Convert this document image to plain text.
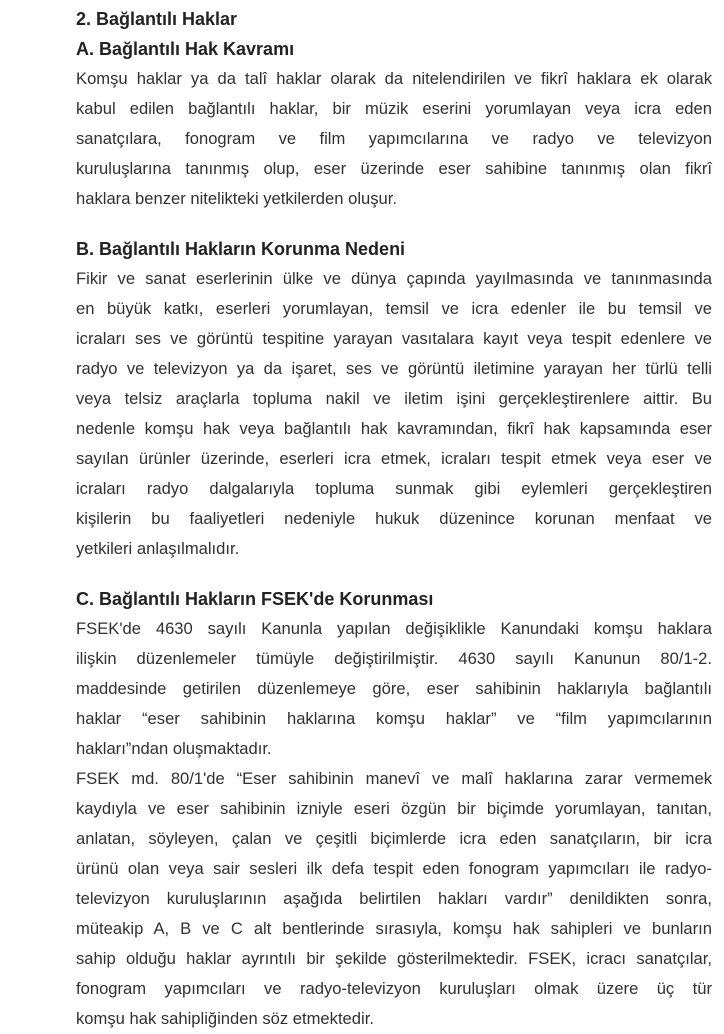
2. Bağlantılı Haklar
A. Bağlantılı Hak Kavramı
Komşu haklar ya da talî haklar olarak da nitelendirilen ve fikrî haklara ek olarak
kabul edilen bağlantılı haklar, bir müzik eserini yorumlayan veya icra eden
sanatçılara, fonogram ve film yapımcılarına ve radyo ve televizyon
kuruluşlarına tanınmış olup, eser üzerinde eser sahibine tanınmış olan fikrî
haklara benzer nitelikteki yetkilerden oluşur.
B. Bağlantılı Hakların Korunma Nedeni
Fikir ve sanat eserlerinin ülke ve dünya çapında yayılmasında ve tanınmasında
en büyük katkı, eserleri yorumlayan, temsil ve icra edenler ile bu temsil ve
icraları ses ve görüntü tespitine yarayan vasıtalara kayıt veya tespit edenlere ve
radyo ve televizyon ya da işaret, ses ve görüntü iletimine yarayan her türlü telli
veya telsiz araçlarla topluma nakil ve iletim işini gerçekleştirenlere aittir. Bu
nedenle komşu hak veya bağlantılı hak kavramından, fikrî hak kapsamında eser
sayılan ürünler üzerinde, eserleri icra etmek, icraları tespit etmek veya eser ve
icraları radyo dalgalarıyla topluma sunmak gibi eylemleri gerçekleştiren
kişilerin bu faaliyetleri nedeniyle hukuk düzenince korunan menfaat ve
yetkileri anlaşılmalıdır.
C. Bağlantılı Hakların FSEK'de Korunması
FSEK'de 4630 sayılı Kanunla yapılan değişiklikle Kanundaki komşu haklara
ilişkin düzenlemeler tümüyle değiştirilmiştir. 4630 sayılı Kanunun 80/1-2.
maddesinde getirilen düzenlemeye göre, eser sahibinin haklarıyla bağlantılı
haklar “eser sahibinin haklarına komşu haklar” ve “film yapımcılarının
hakları”ndan oluşmaktadır.
FSEK md. 80/1'de “Eser sahibinin manevî ve malî haklarına zarar vermemek
kaydıyla ve eser sahibinin izniyle eseri özgün bir biçimde yorumlayan, tanıtan,
anlatan, söyleyen, çalan ve çeşitli biçimlerde icra eden sanatçıların, bir icra
ürünü olan veya sair sesleri ilk defa tespit eden fonogram yapımcıları ile radyo-
televizyon kuruluşlarının aşağıda belirtilen hakları vardır” denildikten sonra,
müteakip A, B ve C alt bentlerinde sırasıyla, komşu hak sahipleri ve bunların
sahip olduğu haklar ayrıntılı bir şekilde gösterilmektedir. FSEK, icracı sanatçılar,
fonogram yapımcıları ve radyo-televizyon kuruluşları olmak üzere üç tür
komşu hak sahipliğinden söz etmektedir.
